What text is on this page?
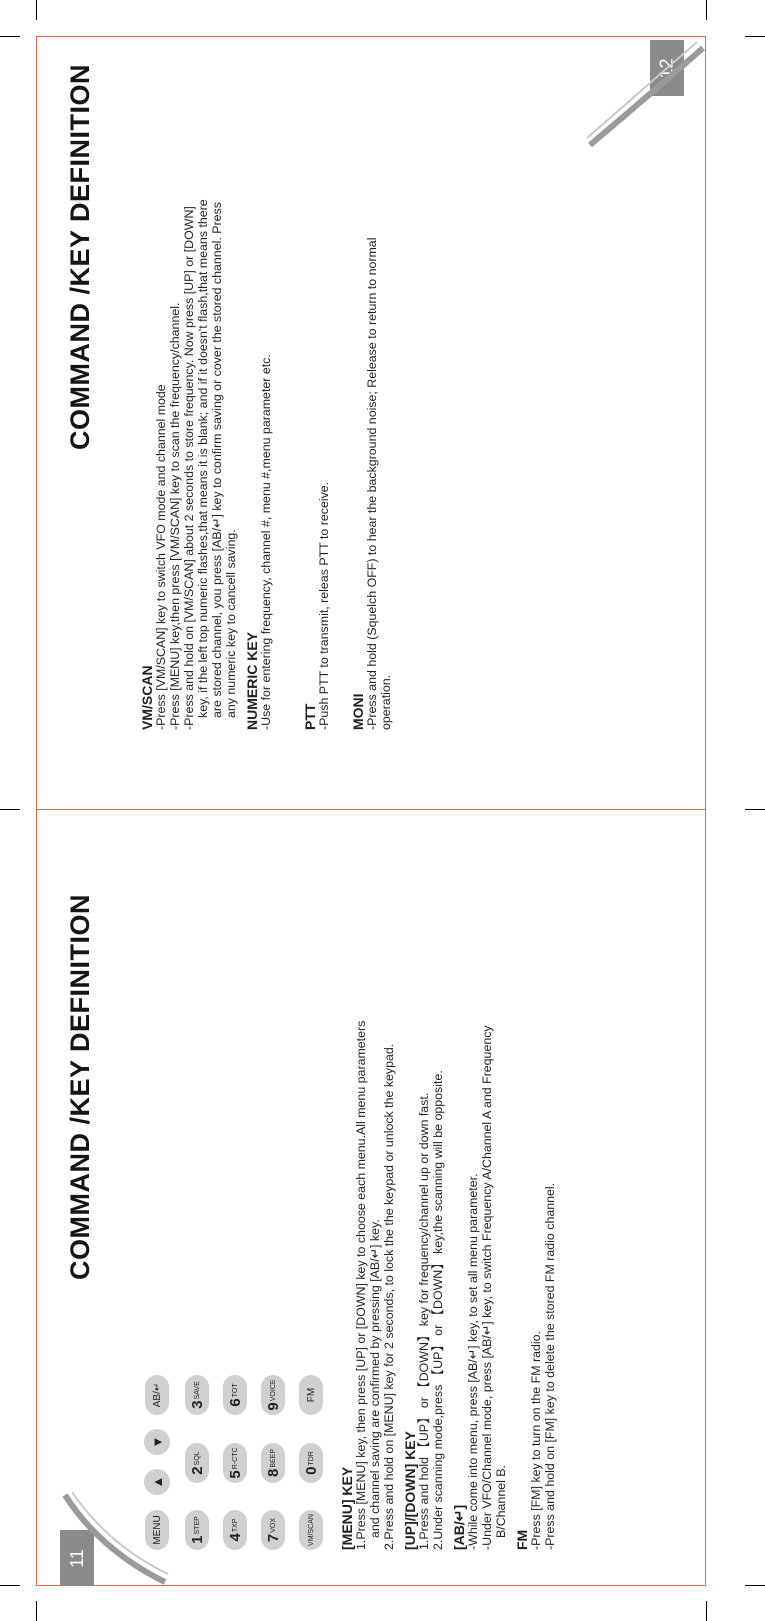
11
12
COMMAND /KEY DEFINITION
MENU
▲
▼
AB/↵
1
STEP
2
SQL
3
SAVE
4
TXP
5
R-CTC
6
TOT
7
VOX
8
BEEP
9
VOICE
VM/SCAN
0
TDR
FM
[MENU] KEY 1.Press [MENU] key, then press [UP] or [DOWN] key to choose each menu.All menu parameters and channel saving are confirmed by pressing [AB/↵] key. 2.Press and hold on [MENU] key for 2 seconds, to lock the the keypad or unlock the keypad. [UP]/[DOWN] KEY 1.Press and hold 【UP】 or 【DOWN】 key for frequency/channel up or down fast. 2.Under scanning mode,press 【UP】 or 【DOWN】 key,the scanning will be opposite. [AB/↵] -While come into menu, press [AB/↵] key, to set all menu parameter. -Under VFO/Channel mode, press [AB/↵] key, to switch Frequency A/Channel A and Frequency B/Channel B.
FM -Press [FM] key to turn on the FM radio. -Press and hold on [FM] key to delete the stored FM radio channel.
COMMAND /KEY DEFINITION
VM/SCAN -Press [VM/SCAN] key to switch VFO mode and channel mode -Press [MENU] key,then press [VM/SCAN] key to scan the frequency/channel. -Press and hold on [VM/SCAN] about 2 seconds to store frequency. Now press [UP] or [DOWN] key, if the left top numeric flashes,that means it is blank; and if it doesn't flash,that means there are stored channel, you press [AB/↵] key to confirm saving or cover the stored channel. Press any numeric key to cancell saving. NUMERIC KEY -Use for entering frequency, channel #, menu #,menu parameter etc. PTT -Push PTT to transmit, releas PTT to receive. MONI -Press and hold (Squelch OFF) to hear the background noise; Release to return to normal operation.
